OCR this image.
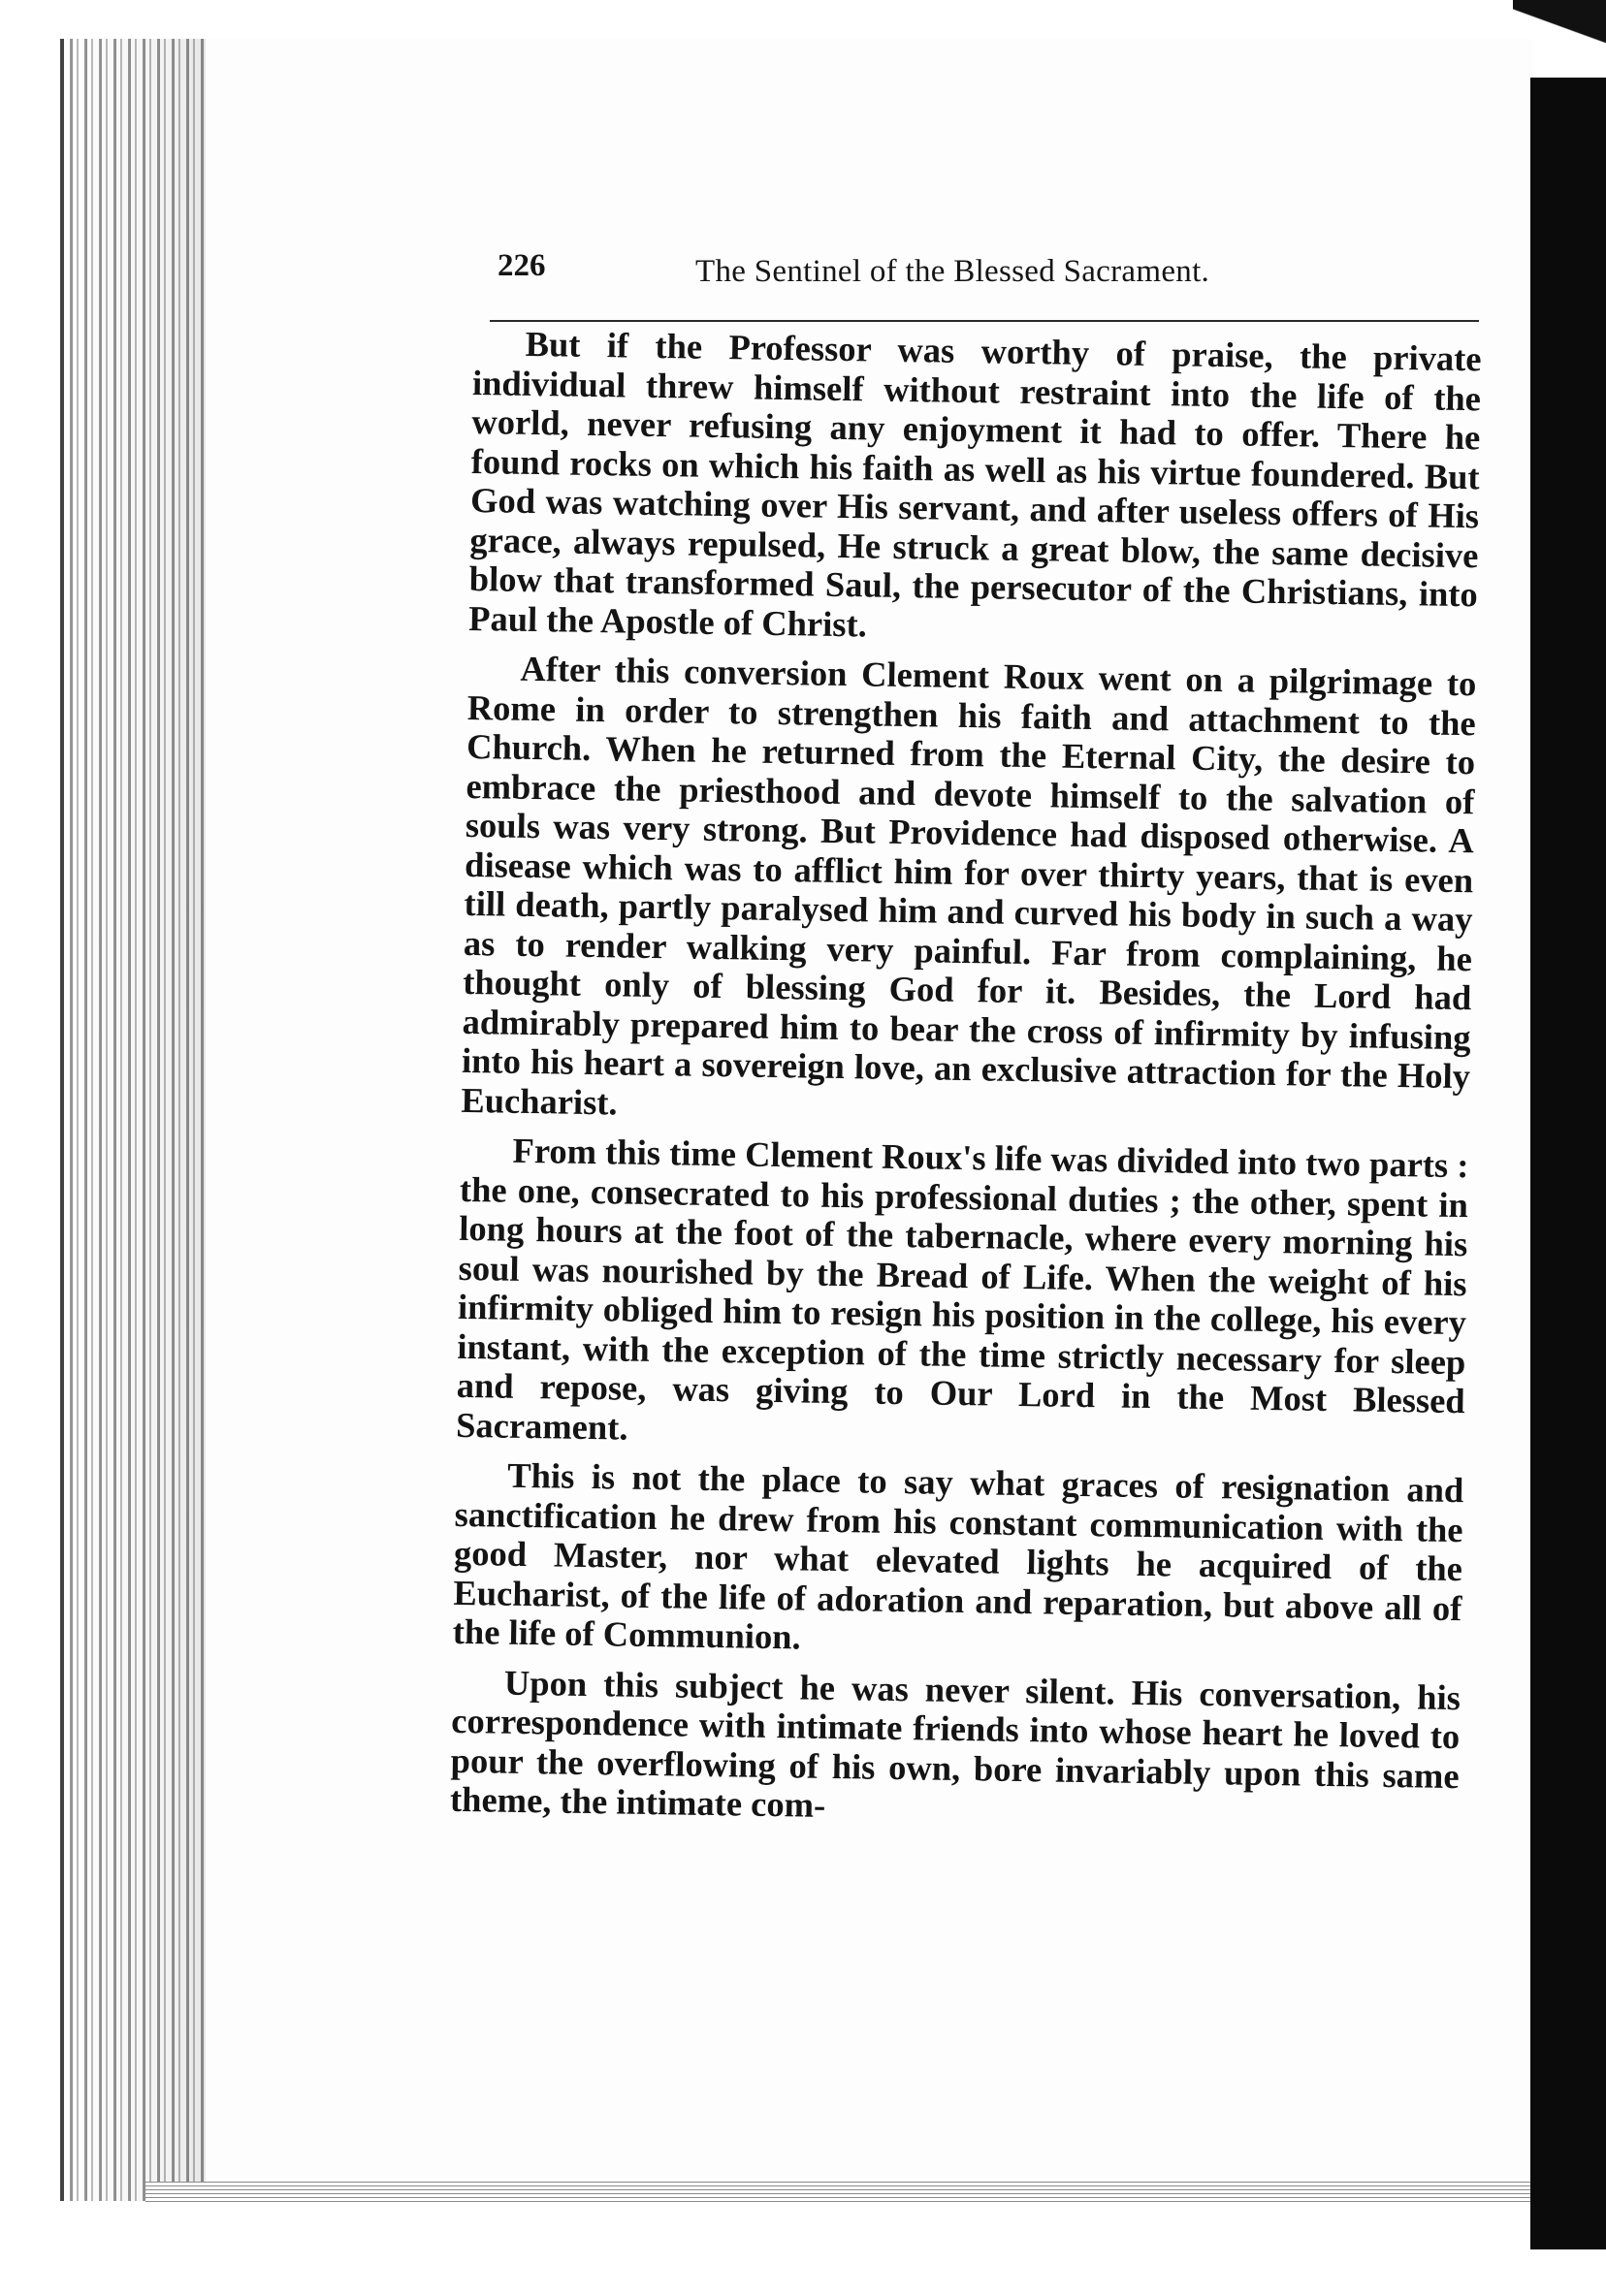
226	The Sentinel of the Blessed Sacrament.

But if the Professor was worthy of praise, the private individual threw himself without restraint into the life of the world, never refusing any enjoyment it had to offer. There he found rocks on which his faith as well as his virtue foundered. But God was watching over His servant, and after useless offers of His grace, always repulsed, He struck a great blow, the same decisive blow that transformed Saul, the persecutor of the Christians, into Paul the Apostle of Christ.

After this conversion Clement Roux went on a pilgrimage to Rome in order to strengthen his faith and attachment to the Church. When he returned from the Eternal City, the desire to embrace the priesthood and devote himself to the salvation of souls was very strong. But Providence had disposed otherwise. A disease which was to afflict him for over thirty years, that is even till death, partly paralysed him and curved his body in such a way as to render walking very painful. Far from complaining, he thought only of blessing God for it. Besides, the Lord had admirably prepared him to bear the cross of infirmity by infusing into his heart a sovereign love, an exclusive attraction for the Holy Eucharist.

From this time Clement Roux's life was divided into two parts : the one, consecrated to his professional duties ; the other, spent in long hours at the foot of the tabernacle, where every morning his soul was nourished by the Bread of Life. When the weight of his infirmity obliged him to resign his position in the college, his every instant, with the exception of the time strictly necessary for sleep and repose, was giving to Our Lord in the Most Blessed Sacrament.

This is not the place to say what graces of resignation and sanctification he drew from his constant communication with the good Master, nor what elevated lights he acquired of the Eucharist, of the life of adoration and reparation, but above all of the life of Communion.

Upon this subject he was never silent. His conversation, his correspondence with intimate friends into whose heart he loved to pour the overflowing of his own, bore invariably upon this same theme, the intimate com-
